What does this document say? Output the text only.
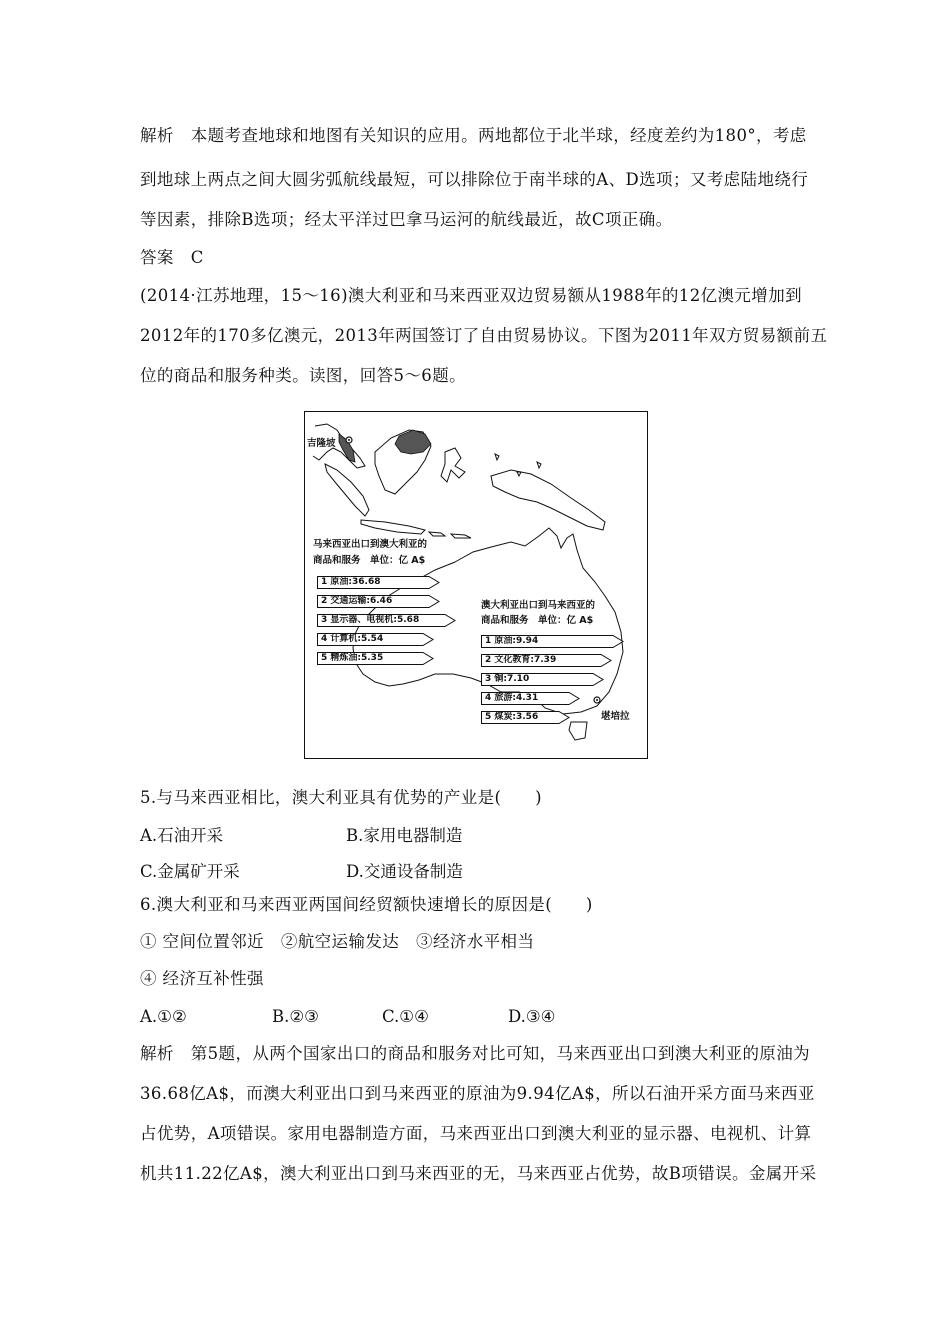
解析 本题考查地球和地图有关知识的应用。两地都位于北半球，经度差约为180°，考虑
到地球上两点之间大圆劣弧航线最短，可以排除位于南半球的A、D选项；又考虑陆地绕行
等因素，排除B选项；经太平洋过巴拿马运河的航线最近，故C项正确。
答案 C
(2014·江苏地理，15～16)澳大利亚和马来西亚双边贸易额从1988年的12亿澳元增加到
2012年的170多亿澳元，2013年两国签订了自由贸易协议。下图为2011年双方贸易额前五
位的商品和服务种类。读图，回答5～6题。
吉隆坡
堪培拉
马来西亚出口到澳大利亚的
商品和服务　单位：亿 A$
1 原油:36.68
2 交通运输:6.46
3 显示器、电视机:5.68
4 计算机:5.54
5 精炼油:5.35
澳大利亚出口到马来西亚的
商品和服务　单位：亿 A$
1 原油:9.94
2 文化教育:7.39
3 铜:7.10
4 旅游:4.31
5 煤炭:3.56
5.与马来西亚相比，澳大利亚具有优势的产业是(　　)
A.石油开采	B.家用电器制造
C.金属矿开采	D.交通设备制造
6.澳大利亚和马来西亚两国间经贸额快速增长的原因是(　　)
① 空间位置邻近　②航空运输发达　③经济水平相当
④ 经济互补性强
A.①②	B.②③	C.①④	D.③④
解析 第5题，从两个国家出口的商品和服务对比可知，马来西亚出口到澳大利亚的原油为
36.68亿A$，而澳大利亚出口到马来西亚的原油为9.94亿A$，所以石油开采方面马来西亚
占优势，A项错误。家用电器制造方面，马来西亚出口到澳大利亚的显示器、电视机、计算
机共11.22亿A$，澳大利亚出口到马来西亚的无，马来西亚占优势，故B项错误。金属开采
